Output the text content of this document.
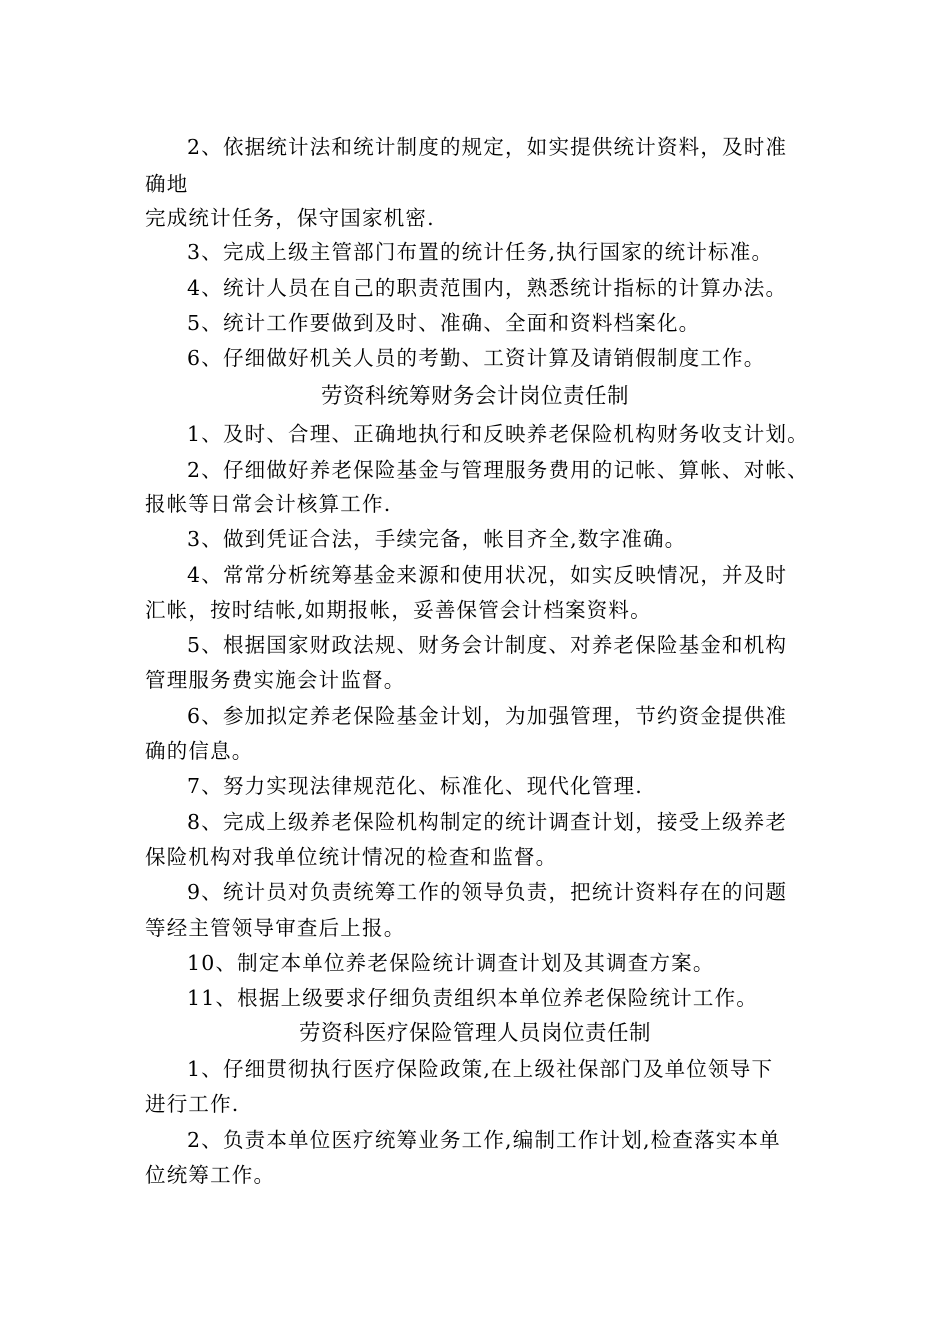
2、依据统计法和统计制度的规定，如实提供统计资料，及时准
确地
完成统计任务，保守国家机密.
3、完成上级主管部门布置的统计任务,执行国家的统计标准。
4、统计人员在自己的职责范围内，熟悉统计指标的计算办法。
5、统计工作要做到及时、准确、全面和资料档案化。
6、仔细做好机关人员的考勤、工资计算及请销假制度工作。
劳资科统筹财务会计岗位责任制
1、及时、合理、正确地执行和反映养老保险机构财务收支计划。
2、仔细做好养老保险基金与管理服务费用的记帐、算帐、对帐、
报帐等日常会计核算工作.
3、做到凭证合法，手续完备，帐目齐全,数字准确。
4、常常分析统筹基金来源和使用状况，如实反映情况，并及时
汇帐，按时结帐,如期报帐，妥善保管会计档案资料。
5、根据国家财政法规、财务会计制度、对养老保险基金和机构
管理服务费实施会计监督。
6、参加拟定养老保险基金计划，为加强管理，节约资金提供准
确的信息。
7、努力实现法律规范化、标准化、现代化管理.
8、完成上级养老保险机构制定的统计调查计划，接受上级养老
保险机构对我单位统计情况的检查和监督。
9、统计员对负责统筹工作的领导负责，把统计资料存在的问题
等经主管领导审查后上报。
10、制定本单位养老保险统计调查计划及其调查方案。
11、根据上级要求仔细负责组织本单位养老保险统计工作。
劳资科医疗保险管理人员岗位责任制
1、仔细贯彻执行医疗保险政策,在上级社保部门及单位领导下
进行工作.
2、负责本单位医疗统筹业务工作,编制工作计划,检查落实本单
位统筹工作。
